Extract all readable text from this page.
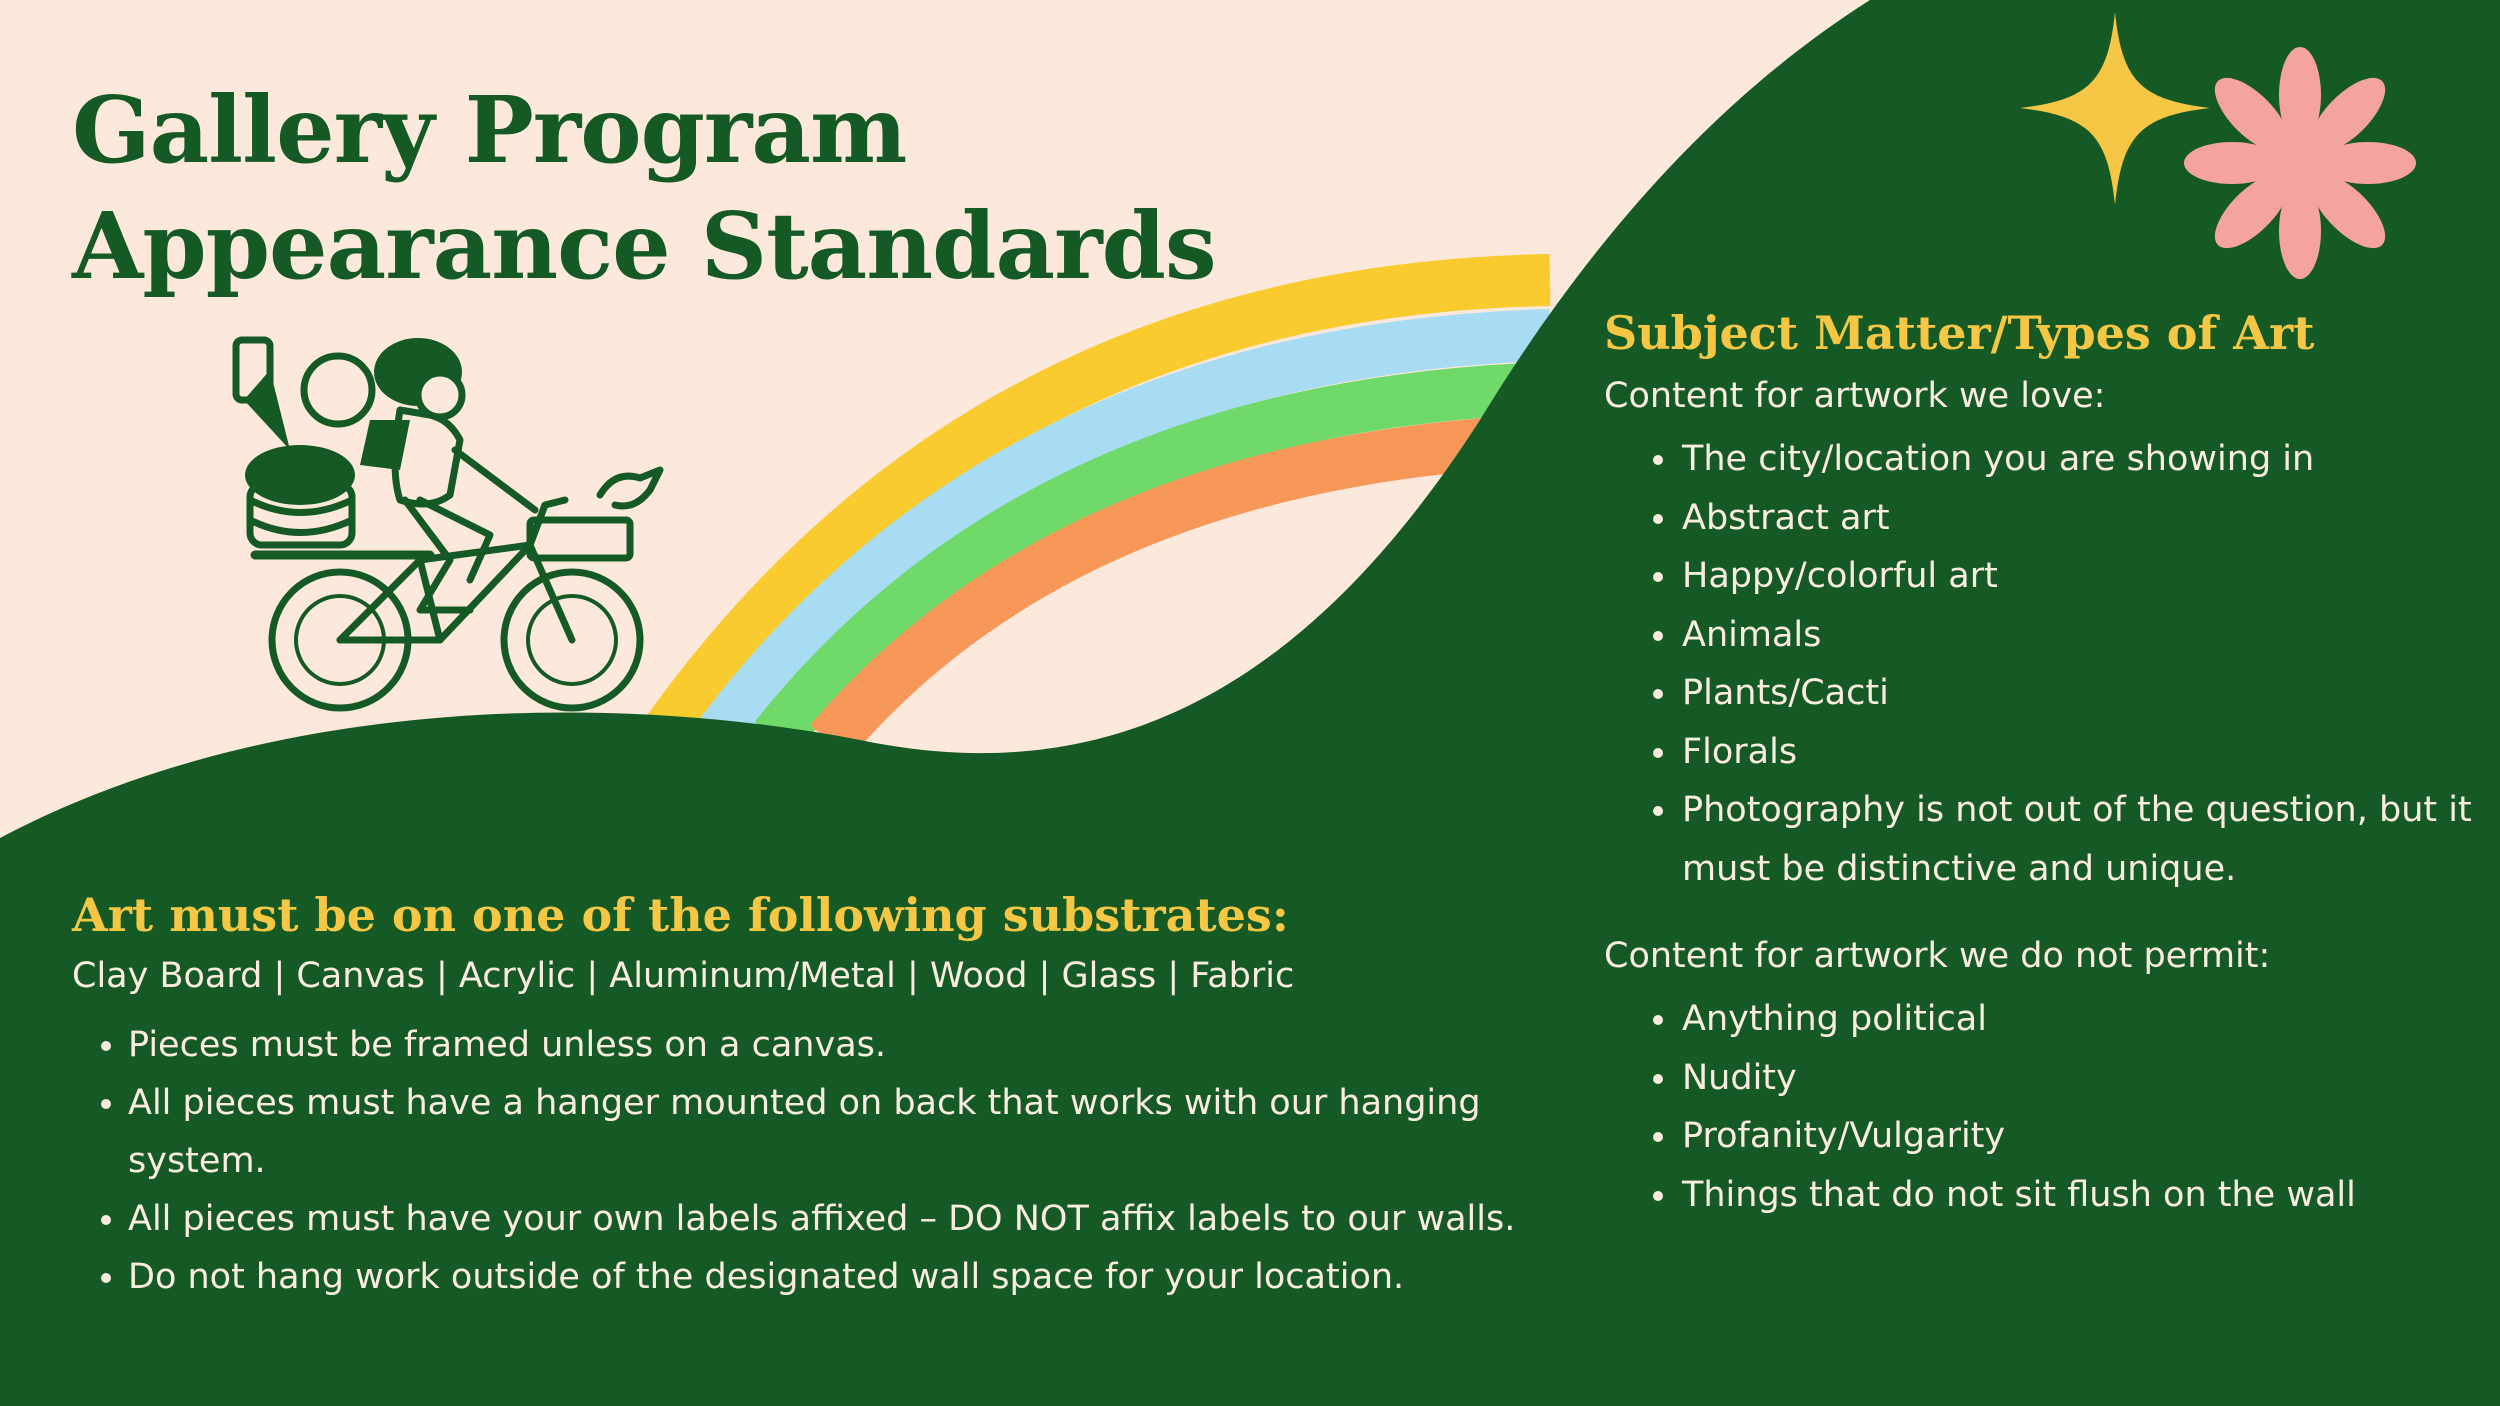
Gallery Program
Appearance Standards
Art must be on one of the following substrates:
Clay Board | Canvas | Acrylic | Aluminum/Metal | Wood | Glass | Fabric
• Pieces must be framed unless on a canvas.
• All pieces must have a hanger mounted on back that works with our hanging system.
• All pieces must have your own labels affixed – DO NOT affix labels to our walls.
• Do not hang work outside of the designated wall space for your location.
Subject Matter/Types of Art
Content for artwork we love:
• The city/location you are showing in
• Abstract art
• Happy/colorful art
• Animals
• Plants/Cacti
• Florals
• Photography is not out of the question, but it must be distinctive and unique.
Content for artwork we do not permit:
• Anything political
• Nudity
• Profanity/Vulgarity
• Things that do not sit flush on the wall
